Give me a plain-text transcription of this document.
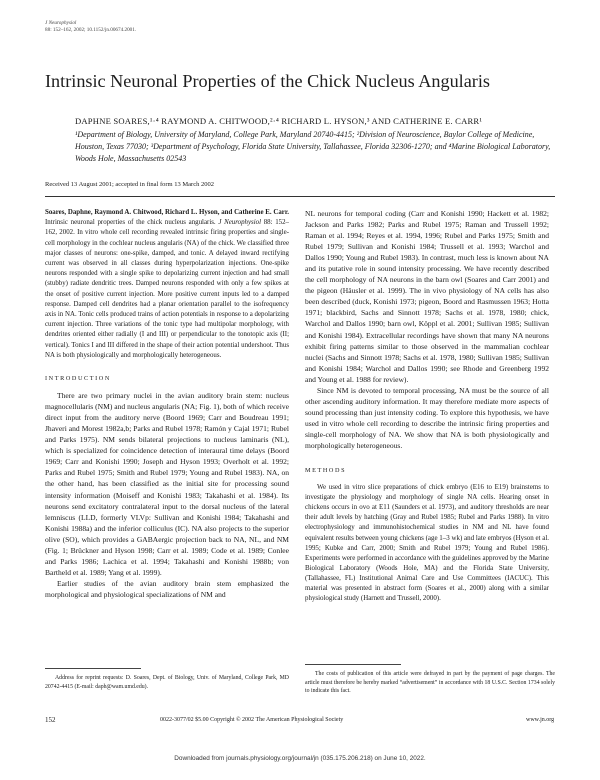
J Neurophysiol
88: 152–162, 2002; 10.1152/jn.00674.2001.
Intrinsic Neuronal Properties of the Chick Nucleus Angularis
DAPHNE SOARES,¹·⁴ RAYMOND A. CHITWOOD,²·⁴ RICHARD L. HYSON,³ AND CATHERINE E. CARR¹
¹Department of Biology, University of Maryland, College Park, Maryland 20740-4415; ²Division of Neuroscience, Baylor College of Medicine, Houston, Texas 77030; ³Department of Psychology, Florida State University, Tallahassee, Florida 32306-1270; and ⁴Marine Biological Laboratory, Woods Hole, Massachusetts 02543
Received 13 August 2001; accepted in final form 13 March 2002
Soares, Daphne, Raymond A. Chitwood, Richard L. Hyson, and Catherine E. Carr. Intrinsic neuronal properties of the chick nucleus angularis. J Neurophysiol 88: 152–162, 2002. In vitro whole cell recording revealed intrinsic firing properties and single-cell morphology in the cochlear nucleus angularis (NA) of the chick. We classified three major classes of neurons: one-spike, damped, and tonic. A delayed inward rectifying current was observed in all classes during hyperpolarization injections. One-spike neurons responded with a single spike to depolarizing current injection and had small (stubby) radiate dendritic trees. Damped neurons responded with only a few spikes at the onset of positive current injection. More positive current inputs led to a damped response. Damped cell dendrites had a planar orientation parallel to the isofrequency axis in NA. Tonic cells produced trains of action potentials in response to a depolarizing current injection. Three variations of the tonic type had multipolar morphology, with dendrites oriented either radially (I and III) or perpendicular to the tonotopic axis (II; vertical). Tonics I and III differed in the shape of their action potential undershoot. Thus NA is both physiologically and morphologically heterogeneous.
INTRODUCTION

There are two primary nuclei in the avian auditory brain stem: nucleus magnocellularis (NM) and nucleus angularis (NA; Fig. 1), both of which receive direct input from the auditory nerve (Boord 1969; Carr and Boudreau 1991; Jhaveri and Morest 1982a,b; Parks and Rubel 1978; Ramón y Cajal 1971; Rubel and Parks 1975). NM sends bilateral projections to nucleus laminaris (NL), which is specialized for coincidence detection of interaural time delays (Boord 1969; Carr and Konishi 1990; Joseph and Hyson 1993; Overholt et al. 1992; Parks and Rubel 1975; Smith and Rubel 1979; Young and Rubel 1983). NA, on the other hand, has been classified as the initial site for processing sound intensity information (Moiseff and Konishi 1983; Takahashi et al. 1984). Its neurons send excitatory contralateral input to the dorsal nucleus of the lateral lemniscus (LLD, formerly VLVp: Sullivan and Konishi 1984; Takahashi and Konishi 1988a) and the inferior colliculus (IC). NA also projects to the superior olive (SO), which provides a GABAergic projection back to NA, NL, and NM (Fig. 1; Brückner and Hyson 1998; Carr et al. 1989; Code et al. 1989; Conlee and Parks 1986; Lachica et al. 1994; Takahashi and Konishi 1988b; von Bartheld et al. 1989; Yang et al. 1999).

Earlier studies of the avian auditory brain stem emphasized the morphological and physiological specializations of NM and

NL neurons for temporal coding (Carr and Konishi 1990; Hackett et al. 1982; Jackson and Parks 1982; Parks and Rubel 1975; Raman and Trussell 1992; Raman et al. 1994; Reyes et al. 1994, 1996; Rubel and Parks 1975; Smith and Rubel 1979; Sullivan and Konishi 1984; Trussell et al. 1993; Warchol and Dallos 1990; Young and Rubel 1983). In contrast, much less is known about NA and its putative role in sound intensity processing. We have recently described the cell morphology of NA neurons in the barn owl (Soares and Carr 2001) and the pigeon (Häusler et al. 1999). The in vivo physiology of NA cells has also been described (duck, Konishi 1973; pigeon, Boord and Rasmussen 1963; Hotta 1971; blackbird, Sachs and Sinnott 1978; Sachs et al. 1978, 1980; chick, Warchol and Dallos 1990; barn owl, Köppl et al. 2001; Sullivan 1985; Sullivan and Konishi 1984). Extracellular recordings have shown that many NA neurons exhibit firing patterns similar to those observed in the mammalian cochlear nuclei (Sachs and Sinnott 1978; Sachs et al. 1978, 1980; Sullivan 1985; Sullivan and Konishi 1984; Warchol and Dallos 1990; see Rhode and Greenberg 1992 and Young et al. 1988 for review).

Since NM is devoted to temporal processing, NA must be the source of all other ascending auditory information. It may therefore mediate more aspects of sound processing than just intensity coding. To explore this hypothesis, we have used in vitro whole cell recording to describe the intrinsic firing properties and single-cell morphology of NA. We show that NA is both physiologically and morphologically heterogeneous.

METHODS

We used in vitro slice preparations of chick embryo (E16 to E19) brainstems to investigate the physiology and morphology of single NA cells. Hearing onset in chickens occurs in ovo at E11 (Saunders et al. 1973), and auditory thresholds are near their adult levels by hatching (Gray and Rubel 1985; Rubel and Parks 1988). In vitro electrophysiology and immunohistochemical studies in NM and NL have found equivalent results between young chickens (age 1–3 wk) and late embryos (Hyson et al. 1995; Kubke and Carr, 2000; Smith and Rubel 1979; Young and Rubel 1986). Experiments were performed in accordance with the guidelines approved by the Marine Biological Laboratory (Woods Hole, MA) and the Florida State University, (Tallahassee, FL) Institutional Animal Care and Use Committees (IACUC). This material was presented in abstract form (Soares et al., 2000) along with a similar physiological study (Harnett and Trussell, 2000).

Address for reprint requests: D. Soares, Dept. of Biology, Univ. of Maryland, College Park, MD 20742-4415 (E-mail: daph@wam.umd.edu).
The costs of publication of this article were defrayed in part by the payment of page charges. The article must therefore be hereby marked “advertisement” in accordance with 18 U.S.C. Section 1734 solely to indicate this fact.
152	0022-3077/02 $5.00 Copyright © 2002 The American Physiological Society	www.jn.org
Downloaded from journals.physiology.org/journal/jn (035.175.206.218) on June 10, 2022.
